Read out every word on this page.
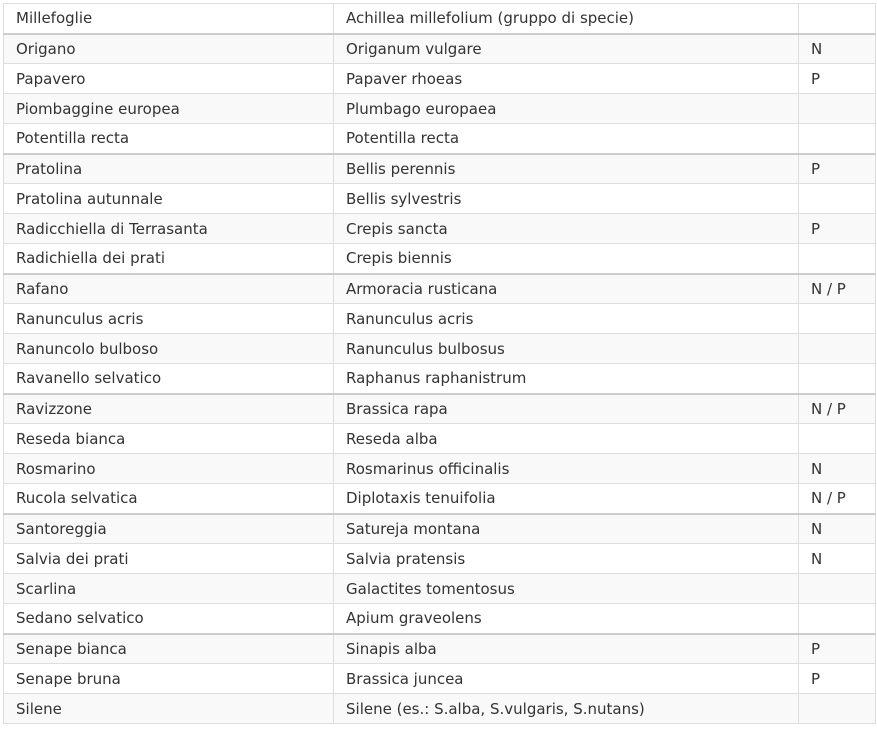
Millefoglie	Achillea millefolium (gruppo di specie)	
Origano	Origanum vulgare	N
Papavero	Papaver rhoeas	P
Piombaggine europea	Plumbago europaea	
Potentilla recta	Potentilla recta	
Pratolina	Bellis perennis	P
Pratolina autunnale	Bellis sylvestris	
Radicchiella di Terrasanta	Crepis sancta	P
Radichiella dei prati	Crepis biennis	
Rafano	Armoracia rusticana	N / P
Ranunculus acris	Ranunculus acris	
Ranuncolo bulboso	Ranunculus bulbosus	
Ravanello selvatico	Raphanus raphanistrum	
Ravizzone	Brassica rapa	N / P
Reseda bianca	Reseda alba	
Rosmarino	Rosmarinus officinalis	N
Rucola selvatica	Diplotaxis tenuifolia	N / P
Santoreggia	Satureja montana	N
Salvia dei prati	Salvia pratensis	N
Scarlina	Galactites tomentosus	
Sedano selvatico	Apium graveolens	
Senape bianca	Sinapis alba	P
Senape bruna	Brassica juncea	P
Silene	Silene (es.: S.alba, S.vulgaris, S.nutans)	
